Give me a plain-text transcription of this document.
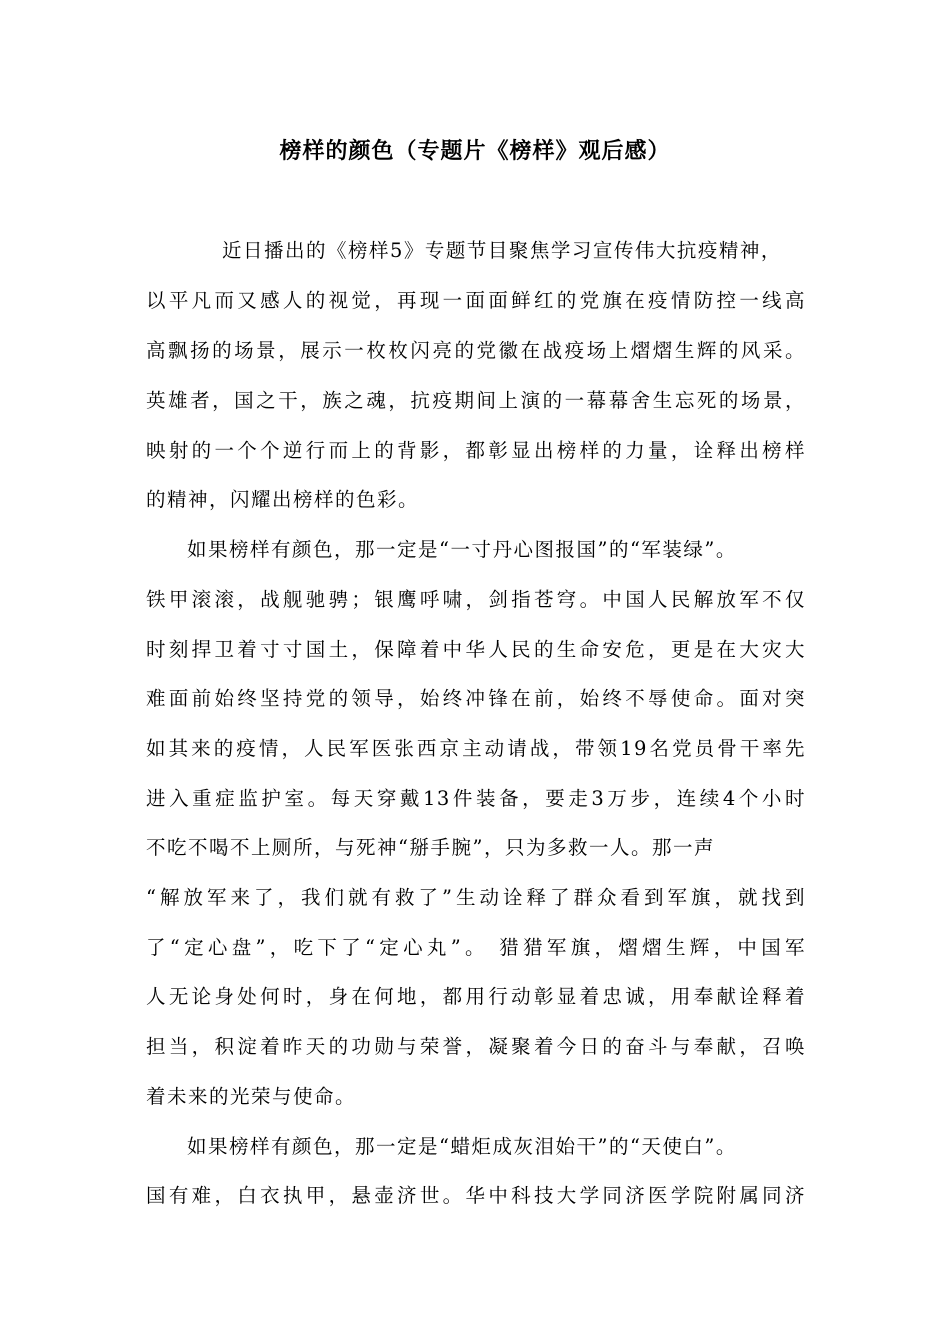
榜样的颜色（专题片《榜样》观后感）

近日播出的《榜样5》专题节目聚焦学习宣传伟大抗疫精神，

以平凡而又感人的视觉，再现一面面鲜红的党旗在疫情防控一线高

高飘扬的场景，展示一枚枚闪亮的党徽在战疫场上熠熠生辉的风采。

英雄者，国之干，族之魂，抗疫期间上演的一幕幕舍生忘死的场景，

映射的一个个逆行而上的背影，都彰显出榜样的力量，诠释出榜样

的精神，闪耀出榜样的色彩。

如果榜样有颜色，那一定是“一寸丹心图报国”的“军装绿”。

铁甲滚滚，战舰驰骋；银鹰呼啸，剑指苍穹。中国人民解放军不仅

时刻捍卫着寸寸国土，保障着中华人民的生命安危，更是在大灾大

难面前始终坚持党的领导，始终冲锋在前，始终不辱使命。面对突

如其来的疫情，人民军医张西京主动请战，带领19名党员骨干率先

进入重症监护室。每天穿戴13件装备，要走3万步，连续4个小时

不吃不喝不上厕所，与死神“掰手腕”，只为多救一人。那一声

“解放军来了，我们就有救了”生动诠释了群众看到军旗，就找到

了“定心盘”，吃下了“定心丸”。 猎猎军旗，熠熠生辉，中国军

人无论身处何时，身在何地，都用行动彰显着忠诚，用奉献诠释着

担当，积淀着昨天的功勋与荣誉，凝聚着今日的奋斗与奉献，召唤

着未来的光荣与使命。

如果榜样有颜色，那一定是“蜡炬成灰泪始干”的“天使白”。

国有难，白衣执甲，悬壶济世。华中科技大学同济医学院附属同济
